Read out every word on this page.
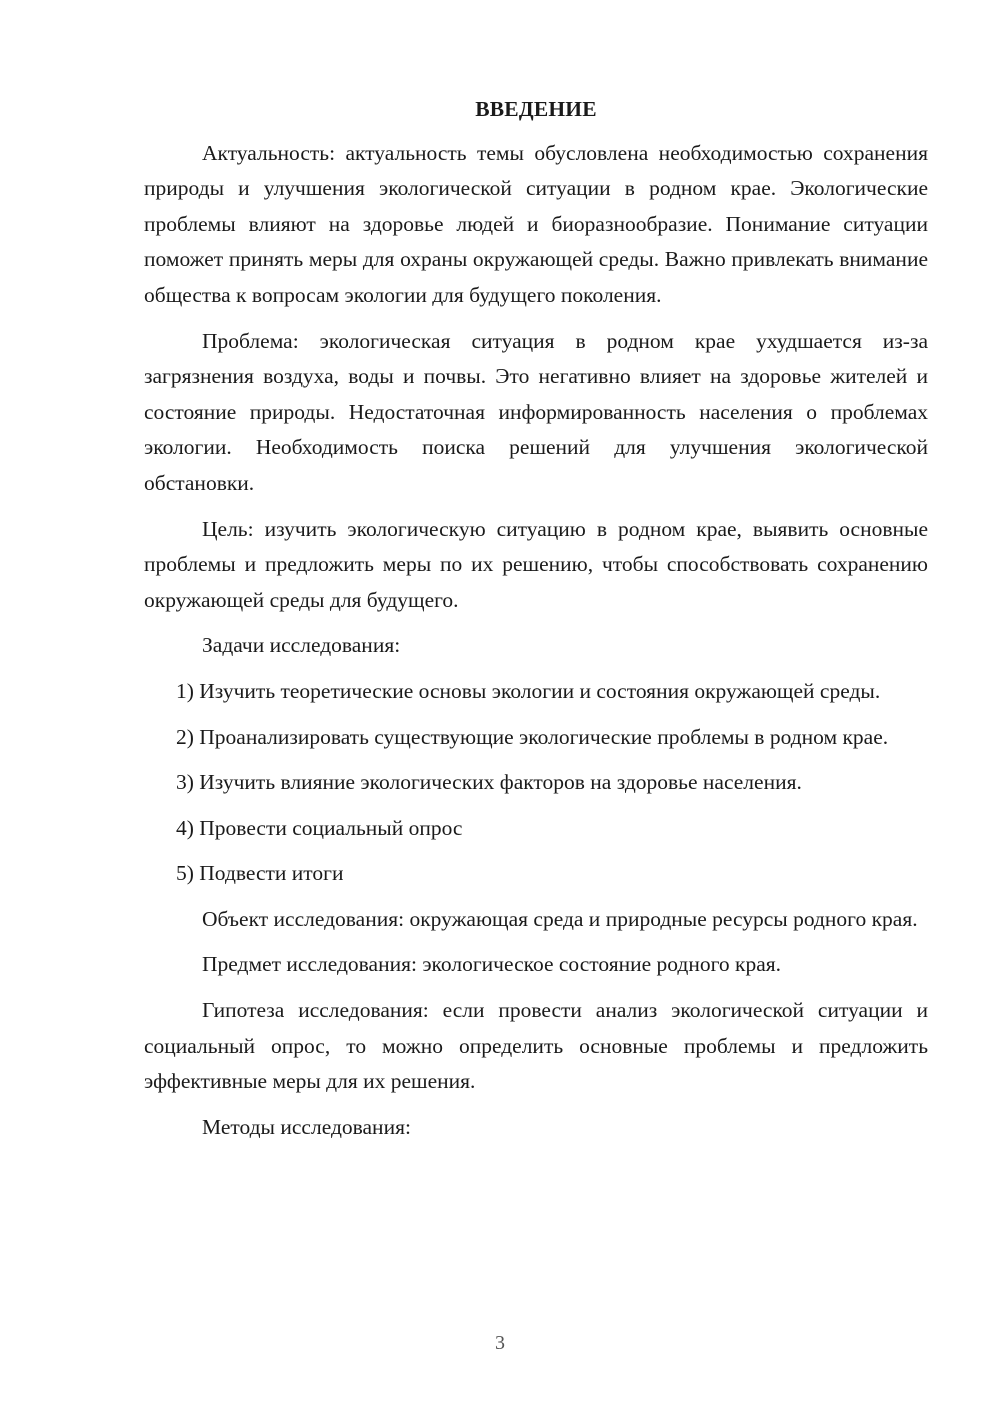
ВВЕДЕНИЕ

Актуальность: актуальность темы обусловлена необходимостью сохранения природы и улучшения экологической ситуации в родном крае. Экологические проблемы влияют на здоровье людей и биоразнообразие. Понимание ситуации поможет принять меры для охраны окружающей среды. Важно привлекать внимание общества к вопросам экологии для будущего поколения.

Проблема: экологическая ситуация в родном крае ухудшается из-за загрязнения воздуха, воды и почвы. Это негативно влияет на здоровье жителей и состояние природы. Недостаточная информированность населения о проблемах экологии. Необходимость поиска решений для улучшения экологической обстановки.

Цель: изучить экологическую ситуацию в родном крае, выявить основные проблемы и предложить меры по их решению, чтобы способствовать сохранению окружающей среды для будущего.

Задачи исследования:

1) Изучить теоретические основы экологии и состояния окружающей среды.

2) Проанализировать существующие экологические проблемы в родном крае.

3) Изучить влияние экологических факторов на здоровье населения.

4) Провести социальный опрос

5) Подвести итоги

Объект исследования: окружающая среда и природные ресурсы родного края.

Предмет исследования: экологическое состояние родного края.

Гипотеза исследования: если провести анализ экологической ситуации и социальный опрос, то можно определить основные проблемы и предложить эффективные меры для их решения.

Методы исследования:

3
